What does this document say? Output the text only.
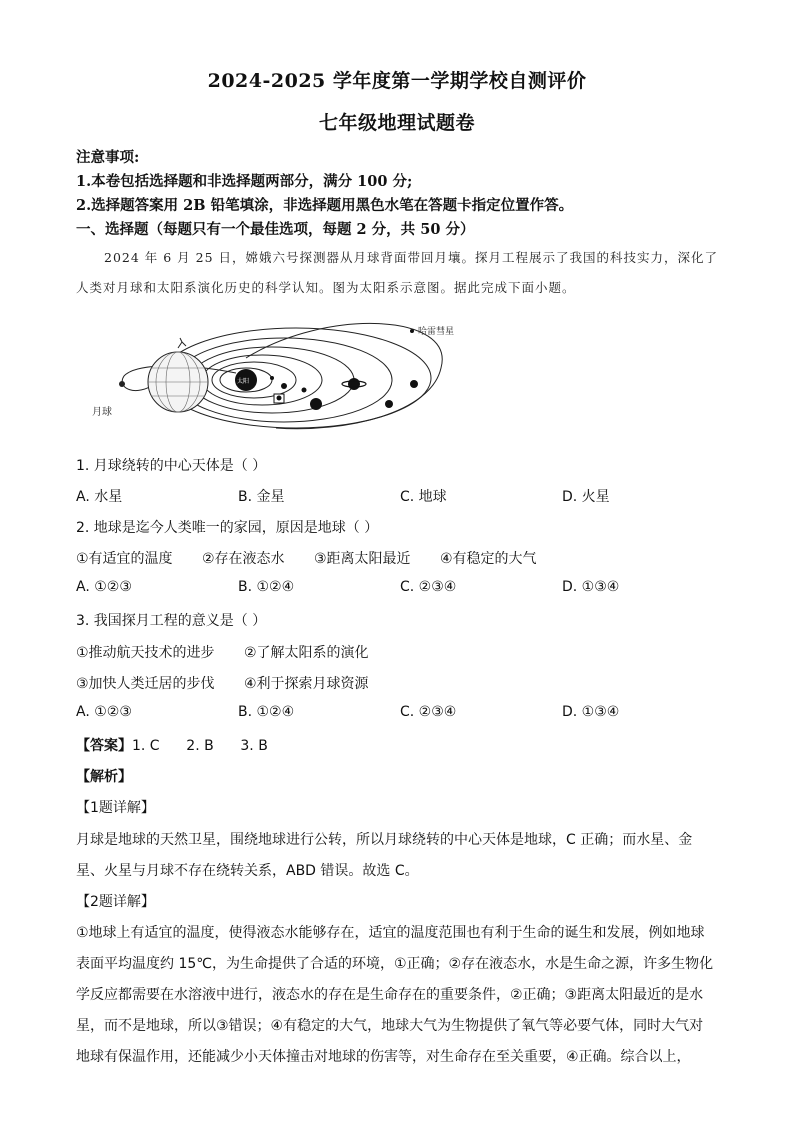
2024-2025 学年度第一学期学校自测评价
七年级地理试题卷
注意事项:
1.本卷包括选择题和非选择题两部分，满分 100 分;
2.选择题答案用 2B 铅笔填涂，非选择题用黑色水笔在答题卡指定位置作答。
一、选择题（每题只有一个最佳选项，每题 2 分，共 50 分）
2024 年 6 月 25 日，嫦娥六号探测器从月球背面带回月壤。探月工程展示了我国的科技实力，深化了
人类对月球和太阳系演化历史的科学认知。图为太阳系示意图。据此完成下面小题。
月球
太阳
哈雷彗星
1. 月球绕转的中心天体是（ ）
A. 水星	B. 金星	C. 地球	D. 火星
2. 地球是迄今人类唯一的家园，原因是地球（ ）
①有适宜的温度 ②存在液态水 ③距离太阳最近 ④有稳定的大气
A. ①②③	B. ①②④	C. ②③④	D. ①③④
3. 我国探月工程的意义是（ ）
①推动航天技术的进步 ②了解太阳系的演化
③加快人类迁居的步伐 ④利于探索月球资源
A. ①②③	B. ①②④	C. ②③④	D. ①③④
【答案】1. C      2. B      3. B
【解析】
【1题详解】
月球是地球的天然卫星，围绕地球进行公转，所以月球绕转的中心天体是地球，C 正确；而水星、金
星、火星与月球不存在绕转关系，ABD 错误。故选 C。
【2题详解】
①地球上有适宜的温度，使得液态水能够存在，适宜的温度范围也有利于生命的诞生和发展，例如地球
表面平均温度约 15℃，为生命提供了合适的环境，①正确；②存在液态水，水是生命之源，许多生物化
学反应都需要在水溶液中进行，液态水的存在是生命存在的重要条件，②正确；③距离太阳最近的是水
星，而不是地球，所以③错误；④有稳定的大气，地球大气为生物提供了氧气等必要气体，同时大气对
地球有保温作用，还能减少小天体撞击对地球的伤害等，对生命存在至关重要，④正确。综合以上，
